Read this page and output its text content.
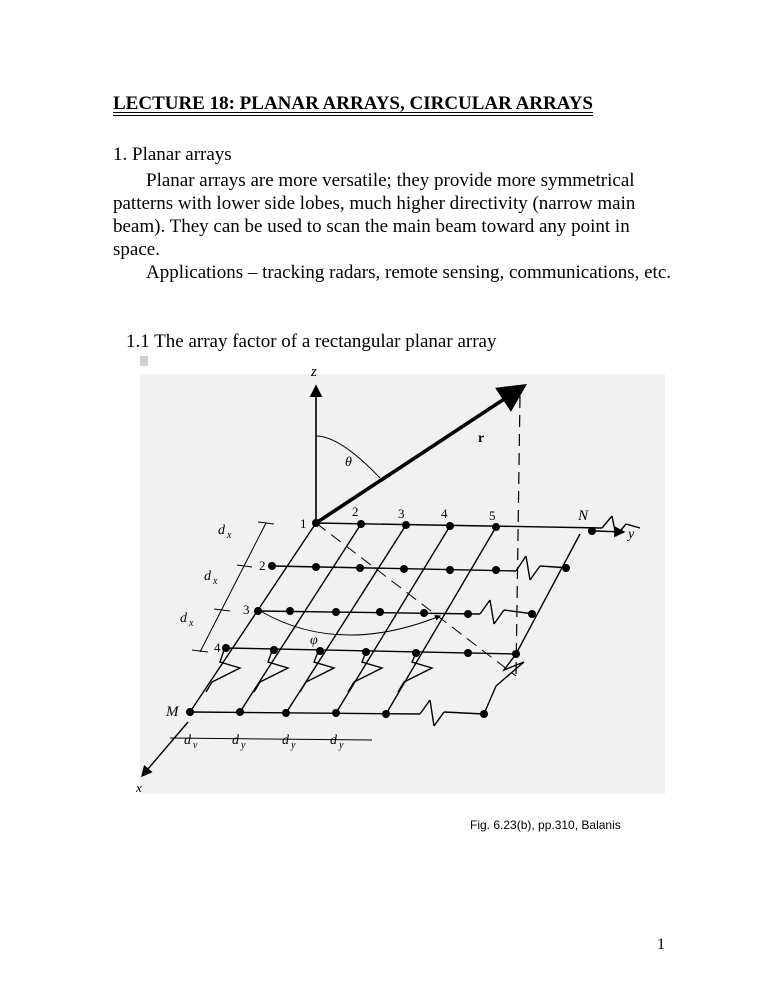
LECTURE 18: PLANAR ARRAYS, CIRCULAR ARRAYS
1. Planar arrays
Planar arrays are more versatile; they provide more symmetrical patterns with lower side lobes, much higher directivity (narrow main beam). They can be used to scan the main beam toward any point in space.
Applications – tracking radars, remote sensing, communications, etc.
1.1 The array factor of a rectangular planar array
z
r
θ
φ
y
1
2	3	4	5	N
2
3
4
M
d x
d x
d x
x
d v d y	d y d y
Fig. 6.23(b), pp.310, Balanis
1
